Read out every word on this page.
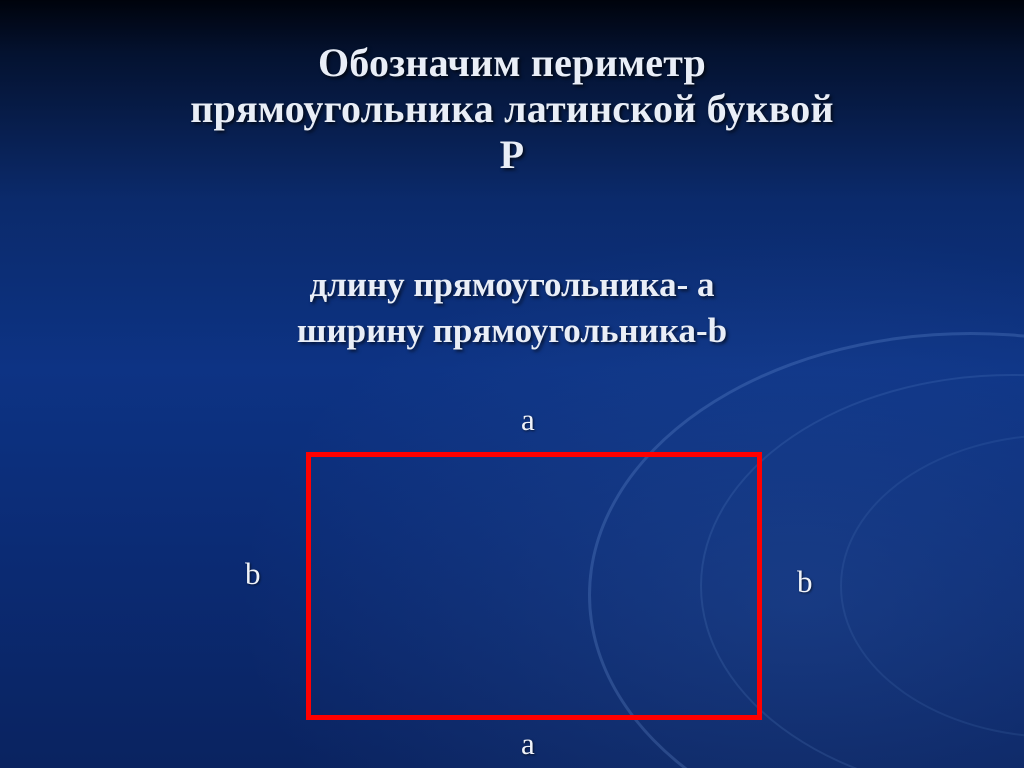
Обозначим периметр
прямоугольника латинской буквой
Р
длину прямоугольника- а
ширину прямоугольника-b
a
a
b	b
